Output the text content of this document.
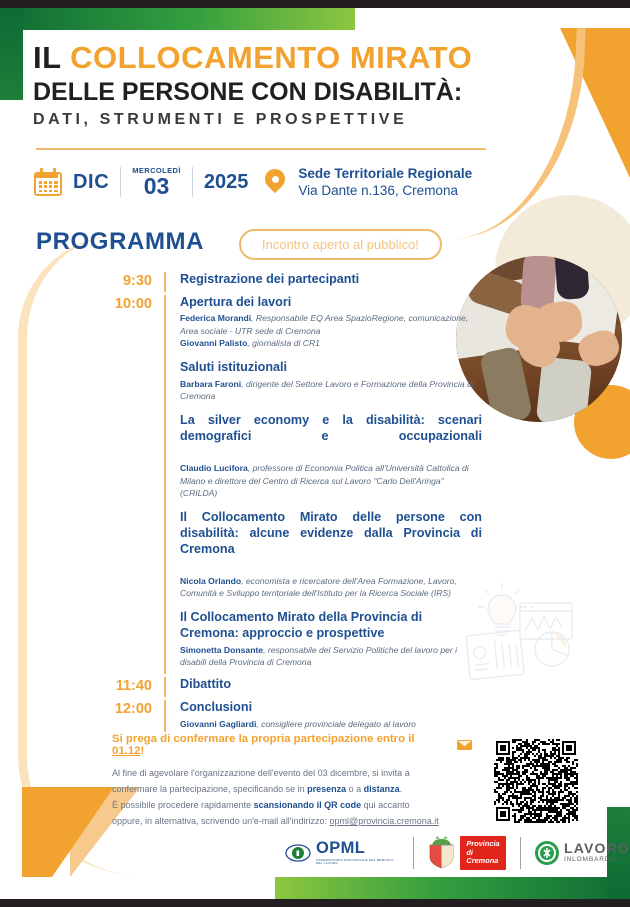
IL COLLOCAMENTO MIRATO
DELLE PERSONE CON DISABILITÀ:
DATI, STRUMENTI E PROSPETTIVE
DIC
MERCOLEDÌ
03	2025	Sede Territoriale Regionale
Via Dante n.136, Cremona
PROGRAMMA	Incontro aperto al pubblico!
9:30	Registrazione dei partecipanti
10:00	Apertura dei lavori
Federica Morandi, Responsabile EQ Area SpazioRegione, comunicazione, Area sociale - UTR sede di Cremona
Giovanni Palisto, giornalista di CR1
Saluti istituzionali
Barbara Faroni, dirigente del Settore Lavoro e Formazione della Provincia di Cremona
La silver economy e la disabilità: scenari demografici e occupazionali
Claudio Lucifora, professore di Economia Politica all'Università Cattolica di Milano e direttore del Centro di Ricerca sul Lavoro "Carlo Dell'Aringa" (CRILDA)
Il Collocamento Mirato delle persone con disabilità: alcune evidenze dalla Provincia di Cremona
Nicola Orlando, economista e ricercatore dell'Area Formazione, Lavoro, Comunità e Sviluppo territoriale dell'Istituto per la Ricerca Sociale (IRS)
Il Collocamento Mirato della Provincia di Cremona: approccio e prospettive
Simonetta Donsante, responsabile del Servizio Politiche del lavoro per i disabili della Provincia di Cremona
11:40	Dibattito
12:00	Conclusioni
Giovanni Gagliardi, consigliere provinciale delegato al lavoro
Si prega di confermare la propria partecipazione entro il 01.12!
Al fine di agevolare l'organizzazione dell'evento del 03 dicembre, si invita a
confermare la partecipazione, specificando se in presenza o a distanza.
È possibile procedere rapidamente scansionando il QR code qui accanto
oppure, in alternativa, scrivendo un'e-mail all'indirizzo: opml@provincia.cremona.it
OPML
OSSERVATORIO PROVINCIALE DEL MERCATO DEL LAVORO
Provincia
di Cremona
LAVORO
INLOMBARDIA
